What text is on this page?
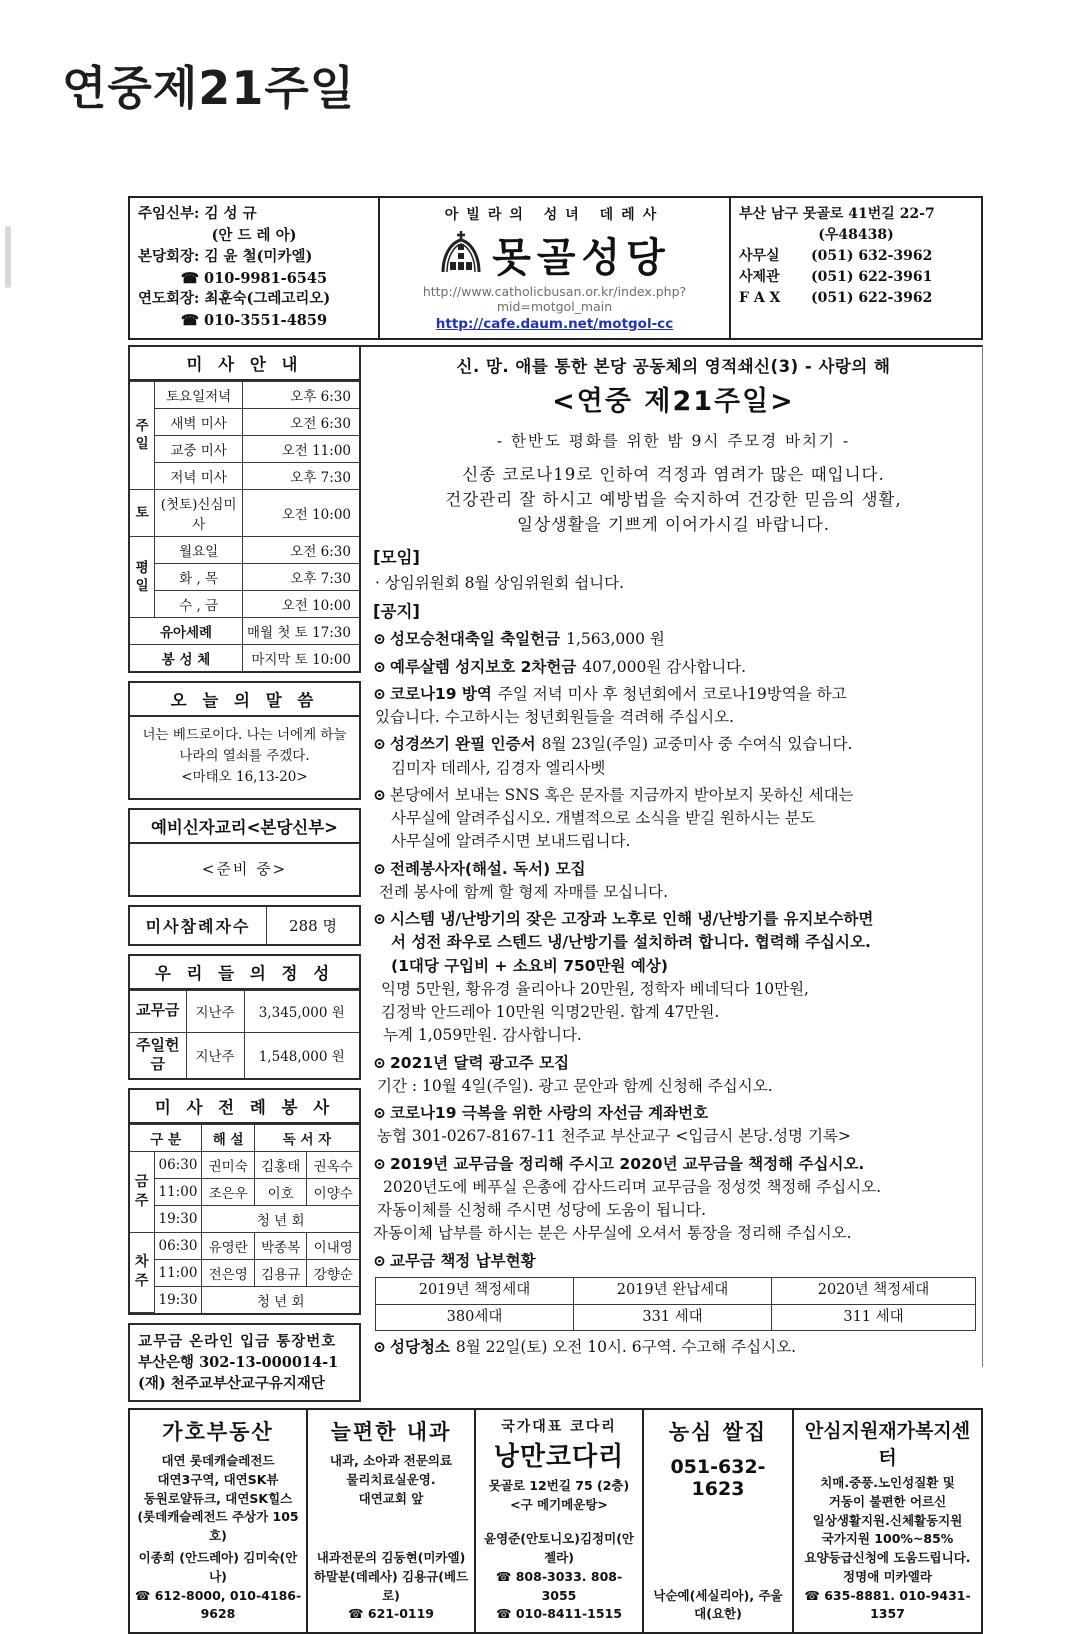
연중제21주일
주임신부: 김 성 규
(안 드 레 아)
본당회장: 김 윤 철(미카엘)
☎ 010-9981-6545
연도회장: 최훈숙(그레고리오)
☎ 010-3551-4859
아빌라의 성녀 데레사
못골성당
http://www.catholicbusan.or.kr/index.php?mid=motgol_main
http://cafe.daum.net/motgol-cc
부산 남구 못골로 41번길 22-7
(우48438)
사무실	(051) 632-3962
사제관	(051) 622-3961
F A X	(051) 622-3962
미 사 안 내
주일	토요일저녁	오후 6:30
	새벽 미사	오전 6:30
	교중 미사	오전 11:00
	저녁 미사	오후 7:30
토	(첫토)신심미사	오전 10:00
평일	월요일	오전 6:30
	화 , 목	오후 7:30
	수 , 금	오전 10:00
유아세례		매월 첫 토 17:30
봉 성 체		마지막 토 10:00
오 늘 의 말 씀
너는 베드로이다. 나는 너에게 하늘
나라의 열쇠를 주겠다.
<마태오 16,13-20>
예비신자교리<본당신부>
<준비 중>
미사참례자수	288 명
우 리 들 의 정 성
교무금	지난주	3,345,000 원
주일헌금	지난주	1,548,000 원
미 사 전 례 봉 사
구 분		해 설	독 서 자	
금주	06:30	권미숙	김홍태	권옥수
	11:00	조은우	이호	이양수
	19:30	청 년 회		
차주	06:30	유영란	박종복	이내영
	11:00	전은영	김용규	강향순
	19:30	청 년 회		
교무금 온라인 입금 통장번호
부산은행 302-13-000014-1
(재) 천주교부산교구유지재단
신. 망. 애를 통한 본당 공동체의 영적쇄신(3) - 사랑의 해
<연중 제21주일>
- 한반도 평화를 위한 밤 9시 주모경 바치기 -
신종 코로나19로 인하여 걱정과 염려가 많은 때입니다.
건강관리 잘 하시고 예방법을 숙지하여 건강한 믿음의 생활,
일상생활을 기쁘게 이어가시길 바랍니다.
[모임]
· 상임위원회 8월 상임위원회 쉽니다.
[공지]
⊙ 성모승천대축일 축일헌금 1,563,000 원
⊙ 예루살렘 성지보호 2차헌금 407,000원 감사합니다.
⊙ 코로나19 방역 주일 저녁 미사 후 청년회에서 코로나19방역을 하고
있습니다. 수고하시는 청년회원들을 격려해 주십시오.
⊙ 성경쓰기 완필 인증서 8월 23일(주일) 교중미사 중 수여식 있습니다.
김미자 데레사, 김경자 엘리사벳
⊙ 본당에서 보내는 SNS 혹은 문자를 지금까지 받아보지 못하신 세대는
사무실에 알려주십시오. 개별적으로 소식을 받길 원하시는 분도
사무실에 알려주시면 보내드립니다.
⊙ 전례봉사자(해설. 독서) 모집
전례 봉사에 함께 할 형제 자매를 모십니다.
⊙ 시스템 냉/난방기의 잦은 고장과 노후로 인해 냉/난방기를 유지보수하면
서 성전 좌우로 스텐드 냉/난방기를 설치하려 합니다. 협력해 주십시오.
(1대당 구입비 + 소요비 750만원 예상)
익명 5만원, 황유경 율리아나 20만원, 정학자 베네딕다 10만원,
김정박 안드레아 10만원 익명2만원. 합계 47만원.
누계 1,059만원. 감사합니다.
⊙ 2021년 달력 광고주 모집
기간 : 10월 4일(주일). 광고 문안과 함께 신청해 주십시오.
⊙ 코로나19 극복을 위한 사랑의 자선금 계좌번호
농협 301-0267-8167-11 천주교 부산교구 <입금시 본당.성명 기록>
⊙ 2019년 교무금을 정리해 주시고 2020년 교무금을 책정해 주십시오.
2020년도에 베푸실 은총에 감사드리며 교무금을 정성껏 책정해 주십시오.
자동이체를 신청해 주시면 성당에 도움이 됩니다.
자동이체 납부를 하시는 분은 사무실에 오셔서 통장을 정리해 주십시오.
⊙ 교무금 책정 납부현황
2019년 책정세대	2019년 완납세대	2020년 책정세대
380세대	331 세대	311 세대
⊙ 성당청소 8월 22일(토) 오전 10시. 6구역. 수고해 주십시오.
가호부동산
대연 롯데캐슬레전드
대연3구역, 대연SK뷰
동원로얄듀크, 대연SK힐스
(롯데캐슬레전드 주상가 105호)
이종희 (안드레아) 김미숙(안나)
☎ 612-8000, 010-4186-9628
늘편한 내과
내과, 소아과 전문의료
물리치료실운영.
대연교회 앞
내과전문의 김동현(미카엘)
하말분(데레사) 김용규(베드로)
☎ 621-0119
국가대표 코다리
낭만코다리
못골로 12번길 75 (2층)
<구 메기메운탕>
윤영준(안토니오)김정미(안젤라)
☎ 808-3033. 808-3055
☎ 010-8411-1515
농심 쌀집
051-632-1623
낙순예(세실리아), 주울대(요한)
안심지원재가복지센터
치매.중풍.노인성질환 및
거동이 불편한 어르신
일상생활지원.신체활동지원
국가지원 100%~85%
요양등급신청에 도움드립니다.
정명애 미카엘라
☎ 635-8881. 010-9431-1357
